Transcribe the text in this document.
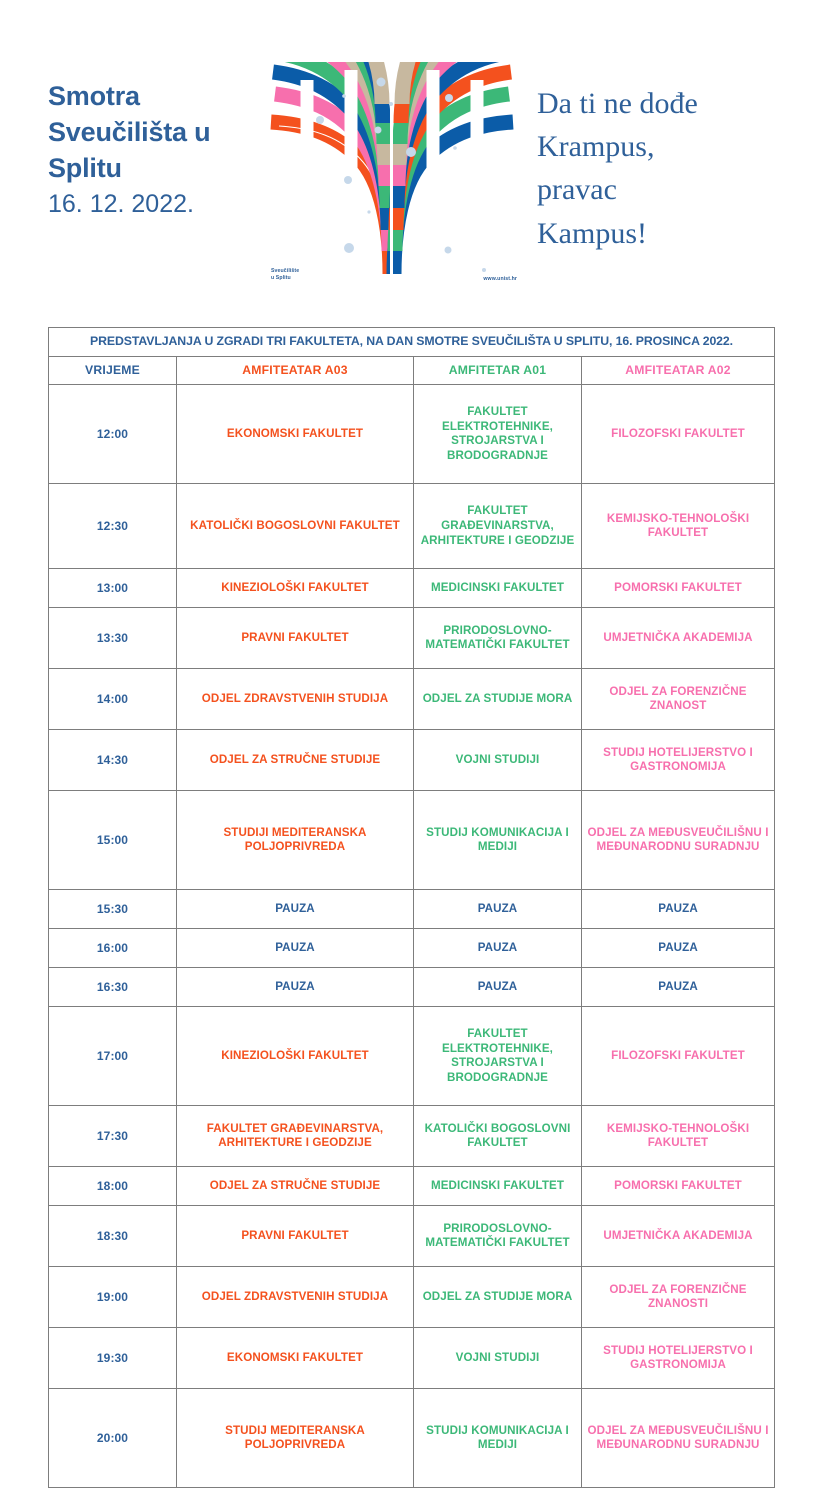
Smotra
Sveučilišta u
Splitu
16. 12. 2022.
Sveučilište
u Splitu	www.unist.hr
Da ti ne dođe
Krampus,
pravac
Kampus!
PREDSTAVLJANJA U ZGRADI TRI FAKULTETA, NA DAN SMOTRE SVEUČILIŠTA U SPLITU, 16. PROSINCA 2022.			
VRIJEME	AMFITEATAR A03	AMFITETAR A01	AMFITEATAR A02
12:00	EKONOMSKI FAKULTET	FAKULTET ELEKTROTEHNIKE, STROJARSTVA I BRODOGRADNJE	FILOZOFSKI FAKULTET
12:30	KATOLIČKI BOGOSLOVNI FAKULTET	FAKULTET GRAĐEVINARSTVA, ARHITEKTURE I GEODZIJE	KEMIJSKO-TEHNOLOŠKI FAKULTET
13:00	KINEZIOLOŠKI FAKULTET	MEDICINSKI FAKULTET	POMORSKI FAKULTET
13:30	PRAVNI FAKULTET	PRIRODOSLOVNO-MATEMATIČKI FAKULTET	UMJETNIČKA AKADEMIJA
14:00	ODJEL ZDRAVSTVENIH STUDIJA	ODJEL ZA STUDIJE MORA	ODJEL ZA FORENZIČNE ZNANOST
14:30	ODJEL ZA STRUČNE STUDIJE	VOJNI STUDIJI	STUDIJ HOTELIJERSTVO I GASTRONOMIJA
15:00	STUDIJI MEDITERANSKA POLJOPRIVREDA	STUDIJ KOMUNIKACIJA I MEDIJI	ODJEL ZA MEĐUSVEUČILIŠNU I MEĐUNARODNU SURADNJU
15:30	PAUZA	PAUZA	PAUZA
16:00	PAUZA	PAUZA	PAUZA
16:30	PAUZA	PAUZA	PAUZA
17:00	KINEZIOLOŠKI FAKULTET	FAKULTET ELEKTROTEHNIKE, STROJARSTVA I BRODOGRADNJE	FILOZOFSKI FAKULTET
17:30	FAKULTET GRAĐEVINARSTVA, ARHITEKTURE I GEODZIJE	KATOLIČKI BOGOSLOVNI FAKULTET	KEMIJSKO-TEHNOLOŠKI FAKULTET
18:00	ODJEL ZA STRUČNE STUDIJE	MEDICINSKI FAKULTET	POMORSKI FAKULTET
18:30	PRAVNI FAKULTET	PRIRODOSLOVNO-MATEMATIČKI FAKULTET	UMJETNIČKA AKADEMIJA
19:00	ODJEL ZDRAVSTVENIH STUDIJA	ODJEL ZA STUDIJE MORA	ODJEL ZA FORENZIČNE ZNANOSTI
19:30	EKONOMSKI FAKULTET	VOJNI STUDIJI	STUDIJ HOTELIJERSTVO I GASTRONOMIJA
20:00	STUDIJ MEDITERANSKA POLJOPRIVREDA	STUDIJ KOMUNIKACIJA I MEDIJI	ODJEL ZA MEĐUSVEUČILIŠNU I MEĐUNARODNU SURADNJU
